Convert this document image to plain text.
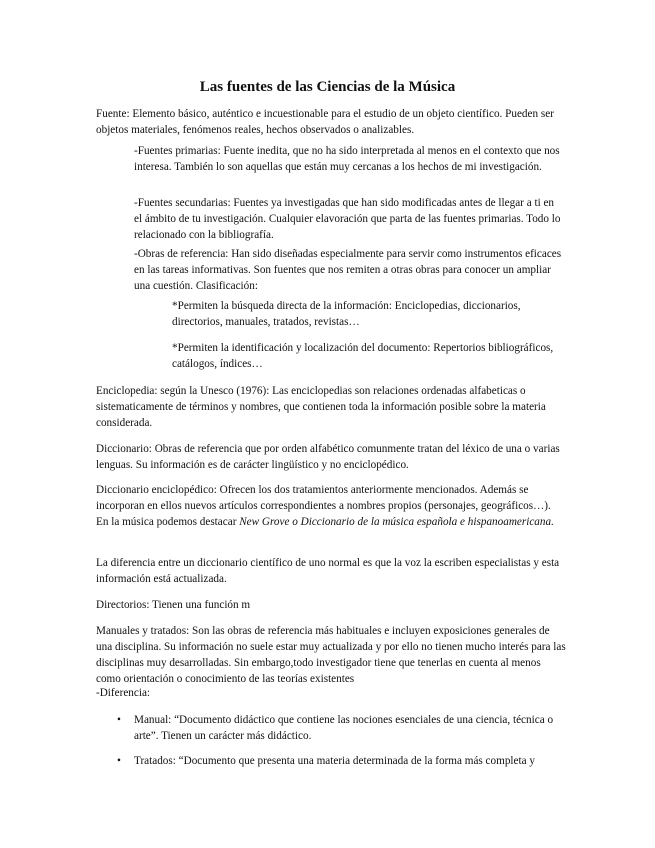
Las fuentes de las Ciencias de la Música

Fuente: Elemento básico, auténtico e incuestionable para el estudio de un objeto científico. Pueden ser objetos materiales, fenómenos reales, hechos observados o analizables.

-Fuentes primarias: Fuente inedita, que no ha sido interpretada al menos en el contexto que nos interesa. También lo son aquellas que están muy cercanas a los hechos de mi investigación.

-Fuentes secundarias: Fuentes ya investigadas que han sido modificadas antes de llegar a ti en el ámbito de tu investigación. Cualquier elavoración que parta de las fuentes primarias. Todo lo relacionado con la bibliografía.

-Obras de referencia: Han sido diseñadas especialmente para servir como instrumentos eficaces en las tareas informativas. Son fuentes que nos remiten a otras obras para conocer un ampliar una cuestión. Clasificación:

*Permiten la búsqueda directa de la información: Enciclopedias, diccionarios, directorios, manuales, tratados, revistas…

*Permiten la identificación y localización del documento: Repertorios bibliográficos, catálogos, índices…

Enciclopedia: según la Unesco (1976): Las enciclopedias son relaciones ordenadas alfabeticas o sistematicamente de términos y nombres, que contienen toda la información posible sobre la materia considerada.

Diccionario: Obras de referencia que por orden alfabético comunmente tratan del léxico de una o varias lenguas. Su información es de carácter lingüístico y no enciclopédico.

Diccionario enciclopédico: Ofrecen los dos tratamientos anteriormente mencionados. Además se incorporan en ellos nuevos artículos correspondientes a nombres propios (personajes, geográficos…). En la música podemos destacar New Grove o Diccionario de la música española e hispanoamericana.

La diferencia entre un diccionario científico de uno normal es que la voz la escriben especialistas y esta información está actualizada.

Directorios: Tienen una función m

Manuales y tratados: Son las obras de referencia más habituales e incluyen exposiciones generales de una disciplina. Su información no suele estar muy actualizada y por ello no tienen mucho interés para las disciplinas muy desarrolladas. Sin embargo,todo investigador tiene que tenerlas en cuenta al menos como orientación o conocimiento de las teorías existentes

-Diferencia:

• Manual: “Documento didáctico que contiene las nociones esenciales de una ciencia, técnica o arte”. Tienen un carácter más didáctico.

• Tratados: “Documento que presenta una materia determinada de la forma más completa y
